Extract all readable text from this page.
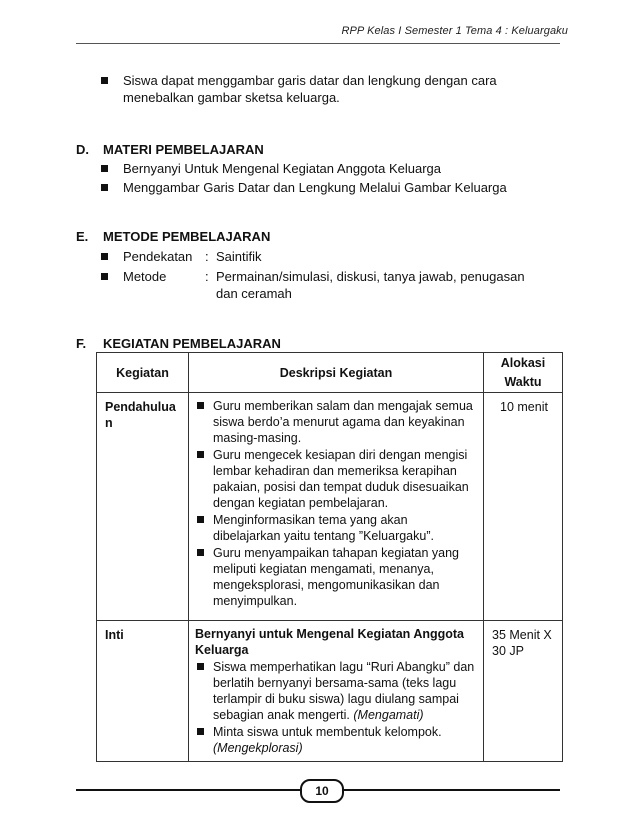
RPP Kelas I Semester 1 Tema 4 : Keluargaku
Siswa dapat menggambar garis datar dan lengkung dengan cara menebalkan gambar sketsa keluarga.
D. MATERI PEMBELAJARAN
Bernyanyi Untuk Mengenal Kegiatan Anggota Keluarga
Menggambar Garis Datar dan Lengkung Melalui Gambar Keluarga
E. METODE PEMBELAJARAN
Pendekatan : Saintifik
Metode	: Permainan/simulasi, diskusi, tanya jawab, penugasan dan ceramah
F. KEGIATAN PEMBELAJARAN
Kegiatan	Deskripsi Kegiatan	Alokasi Waktu
Pendahuluan	Guru memberikan salam dan mengajak semua siswa berdo’a menurut agama dan keyakinan masing-masing.
Guru mengecek kesiapan diri dengan mengisi lembar kehadiran dan memeriksa kerapihan pakaian, posisi dan tempat duduk disesuaikan dengan kegiatan pembelajaran.
Menginformasikan tema yang akan dibelajarkan yaitu tentang ”Keluargaku”.
Guru menyampaikan tahapan kegiatan yang meliputi kegiatan mengamati, menanya, mengeksplorasi, mengomunikasikan dan menyimpulkan.	10 menit
Inti	Bernyanyi untuk Mengenal Kegiatan Anggota Keluarga
Siswa memperhatikan lagu “Ruri Abangku” dan berlatih bernyanyi bersama-sama (teks lagu terlampir di buku siswa) lagu diulang sampai sebagian anak mengerti. (Mengamati)
Minta siswa untuk membentuk kelompok.
(Mengekplorasi)	35 Menit X 30 JP
10
